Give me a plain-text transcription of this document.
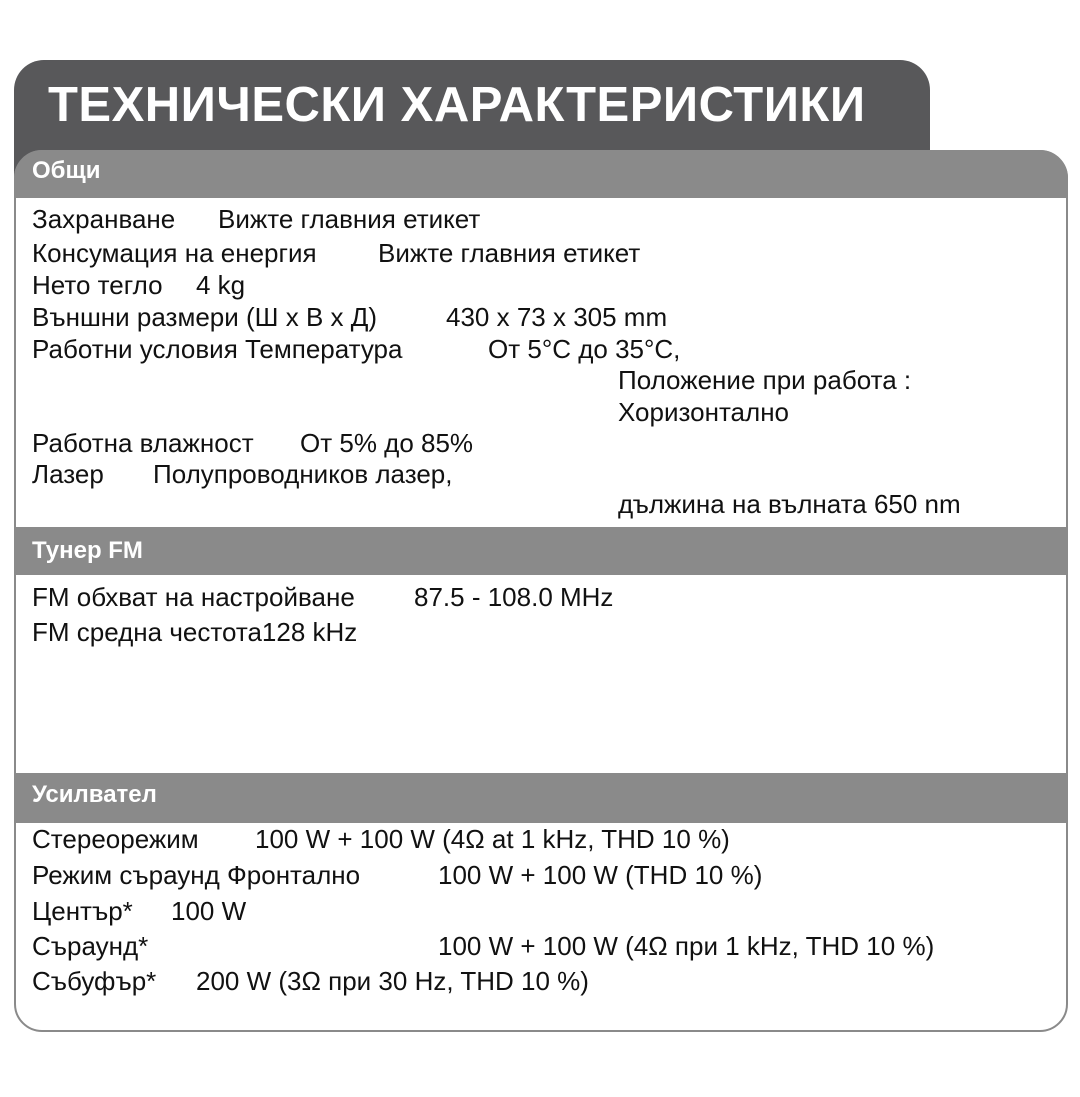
ТЕХНИЧЕСКИ ХАРАКТЕРИСТИКИ
Общи
Захранване Вижте главния етикет
Консумация на енергия Вижте главния етикет
Нето тегло 4 kg
Външни размери (Ш x В x Д)	430 x 73 x 305 mm
Работни условия Температура	От 5°C до 35°C,
Положение при работа :
Хоризонтално
Работна влажност От 5% до 85%
Лазер Полупроводников лазер,
дължина на вълната 650 nm
Тунер FM
FM обхват на настройване 87.5 - 108.0 MHz
FM средна честота128 kHz
Усилвател
Стереорежим 100 W + 100 W (4Ω at 1 kHz, THD 10 %)
Режим съраунд Фронтално	100 W + 100 W (THD 10 %)
Център* 100 W
Съраунд*	100 W + 100 W (4Ω при 1 kHz, THD 10 %)
Събуфър* 200 W (3Ω при 30 Hz, THD 10 %)
